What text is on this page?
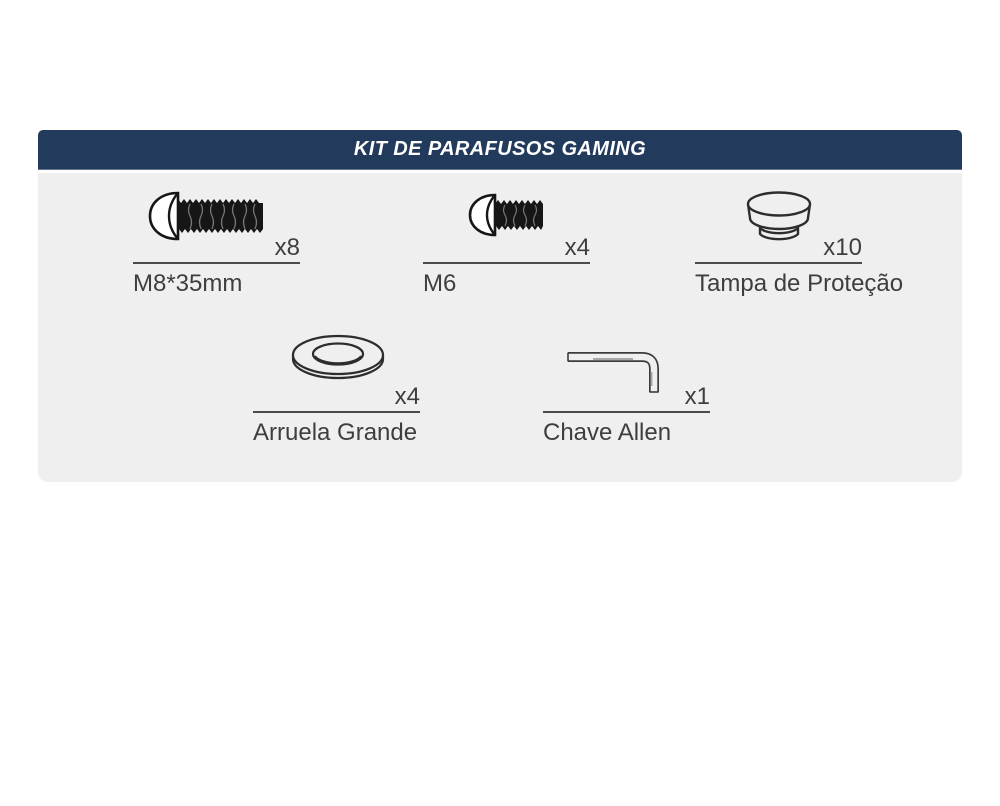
KIT DE PARAFUSOS GAMING
x8
M8*35mm
x4
M6
x10
Tampa de Proteção
x4
Arruela Grande
x1
Chave Allen
